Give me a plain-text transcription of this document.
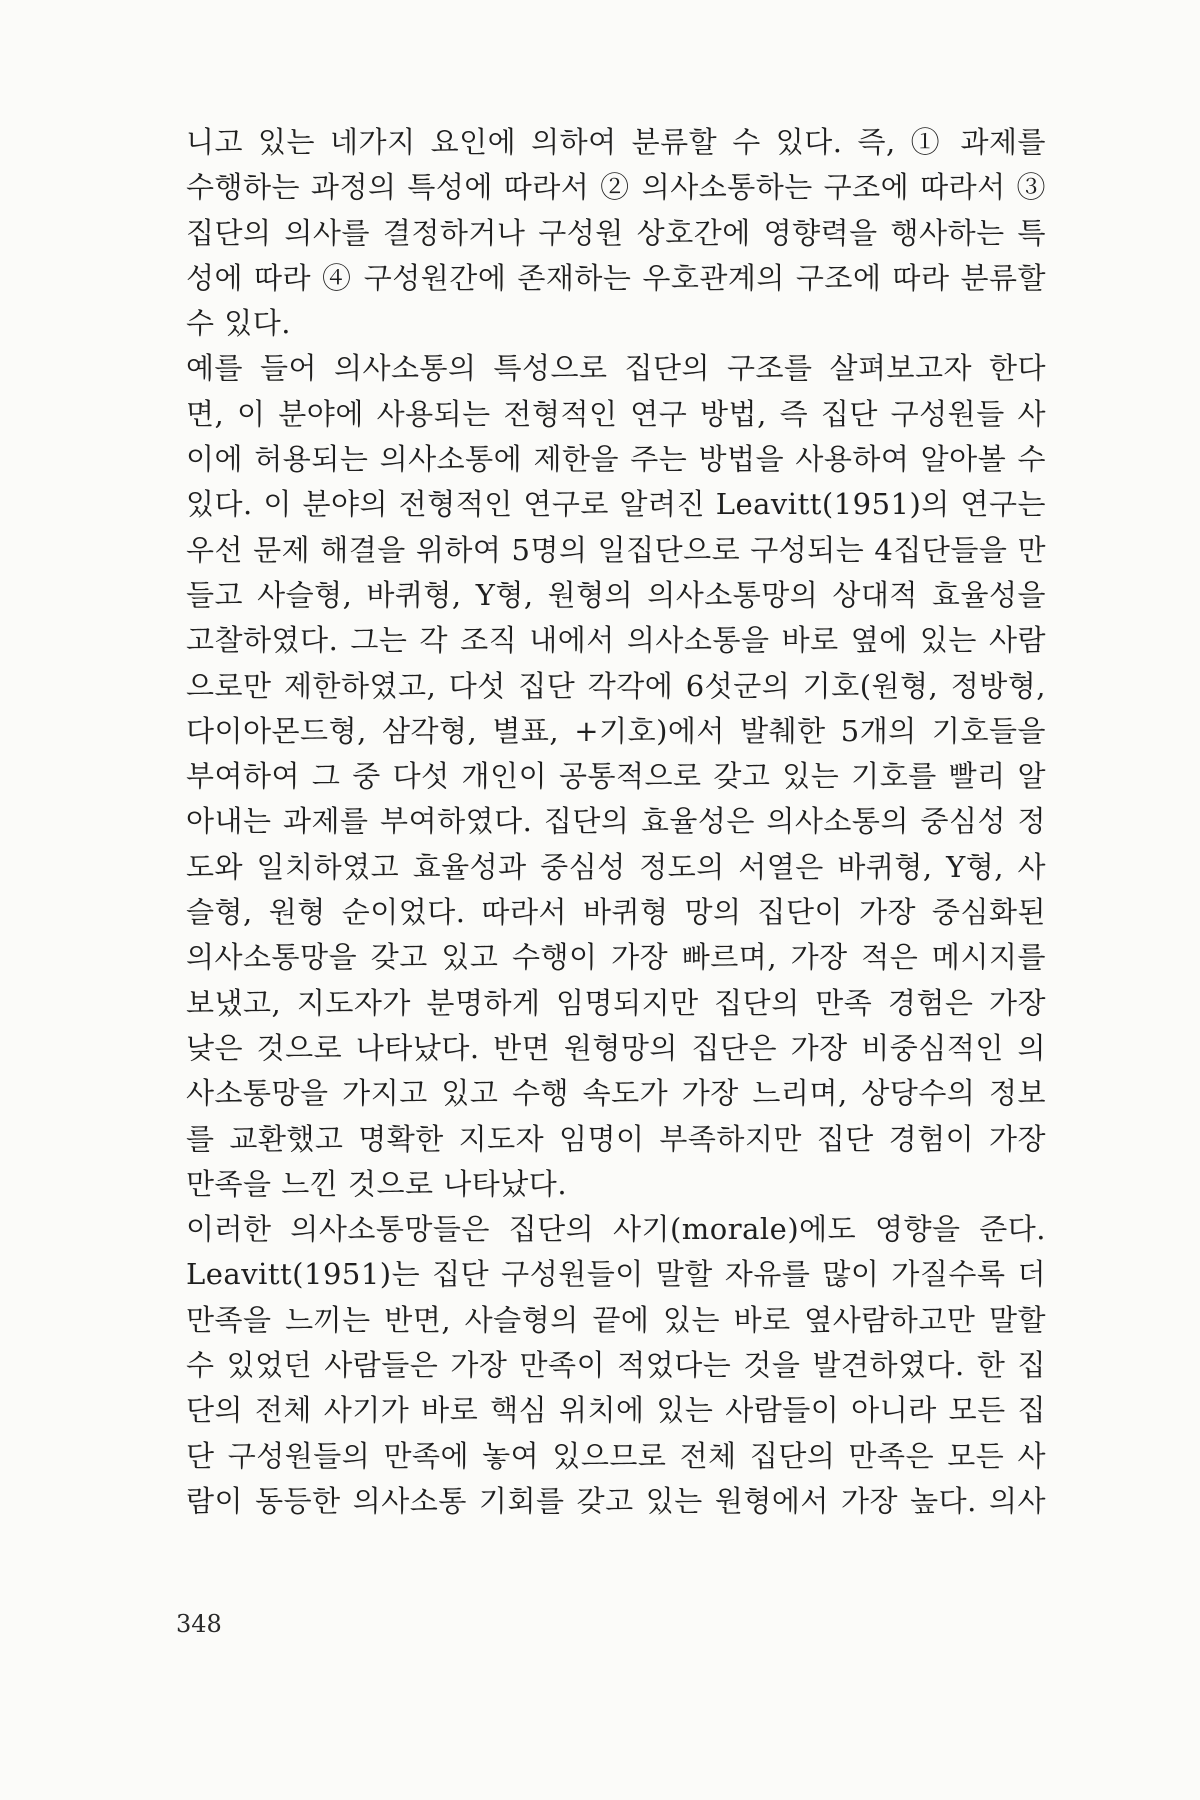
니고 있는 네가지 요인에 의하여 분류할 수 있다. 즉, ① 과제를
수행하는 과정의 특성에 따라서 ② 의사소통하는 구조에 따라서 ③
집단의 의사를 결정하거나 구성원 상호간에 영향력을 행사하는 특
성에 따라 ④ 구성원간에 존재하는 우호관계의 구조에 따라 분류할
수 있다.
예를 들어 의사소통의 특성으로 집단의 구조를 살펴보고자 한다
면, 이 분야에 사용되는 전형적인 연구 방법, 즉 집단 구성원들 사
이에 허용되는 의사소통에 제한을 주는 방법을 사용하여 알아볼 수
있다. 이 분야의 전형적인 연구로 알려진 Leavitt(1951)의 연구는
우선 문제 해결을 위하여 5명의 일집단으로 구성되는 4집단들을 만
들고 사슬형, 바퀴형, Y형, 원형의 의사소통망의 상대적 효율성을
고찰하였다. 그는 각 조직 내에서 의사소통을 바로 옆에 있는 사람
으로만 제한하였고, 다섯 집단 각각에 6섯군의 기호(원형, 정방형,
다이아몬드형, 삼각형, 별표, +기호)에서 발췌한 5개의 기호들을
부여하여 그 중 다섯 개인이 공통적으로 갖고 있는 기호를 빨리 알
아내는 과제를 부여하였다. 집단의 효율성은 의사소통의 중심성 정
도와 일치하였고 효율성과 중심성 정도의 서열은 바퀴형, Y형, 사
슬형, 원형 순이었다. 따라서 바퀴형 망의 집단이 가장 중심화된
의사소통망을 갖고 있고 수행이 가장 빠르며, 가장 적은 메시지를
보냈고, 지도자가 분명하게 임명되지만 집단의 만족 경험은 가장
낮은 것으로 나타났다. 반면 원형망의 집단은 가장 비중심적인 의
사소통망을 가지고 있고 수행 속도가 가장 느리며, 상당수의 정보
를 교환했고 명확한 지도자 임명이 부족하지만 집단 경험이 가장
만족을 느낀 것으로 나타났다.
이러한 의사소통망들은 집단의 사기(morale)에도 영향을 준다.
Leavitt(1951)는 집단 구성원들이 말할 자유를 많이 가질수록 더
만족을 느끼는 반면, 사슬형의 끝에 있는 바로 옆사람하고만 말할
수 있었던 사람들은 가장 만족이 적었다는 것을 발견하였다. 한 집
단의 전체 사기가 바로 핵심 위치에 있는 사람들이 아니라 모든 집
단 구성원들의 만족에 놓여 있으므로 전체 집단의 만족은 모든 사
람이 동등한 의사소통 기회를 갖고 있는 원형에서 가장 높다. 의사
348
